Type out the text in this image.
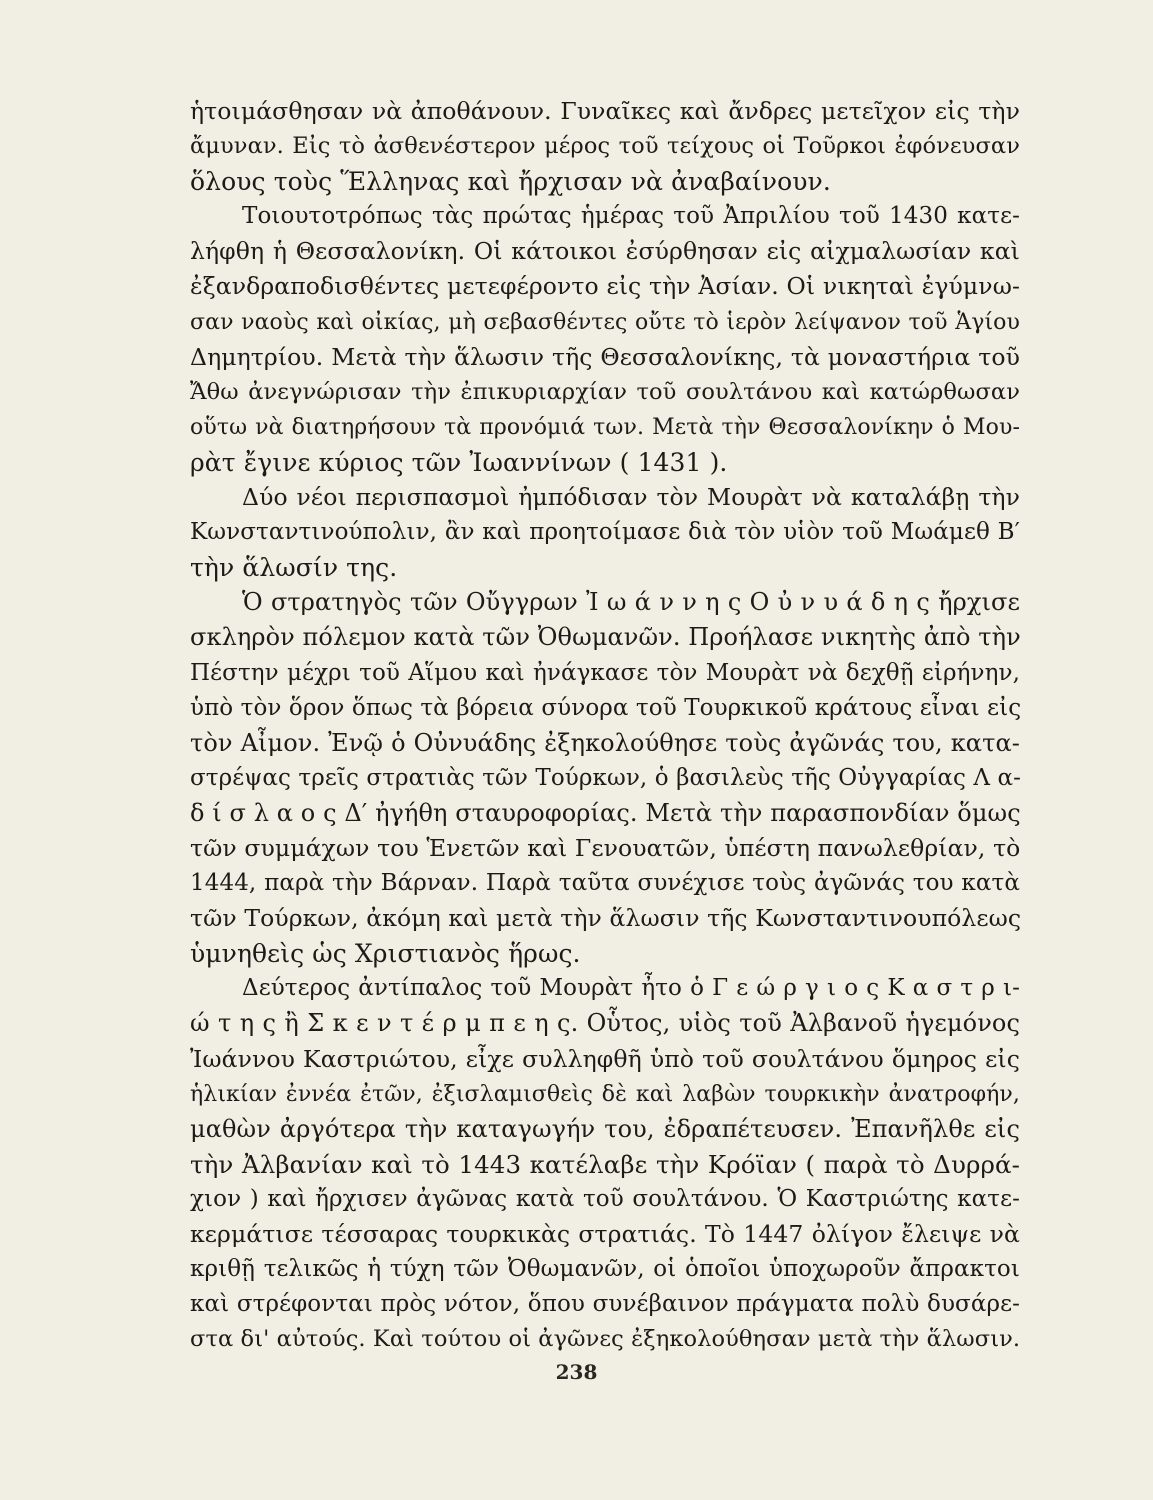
ἡτοιμάσθησαν νὰ ἀποθάνουν. Γυναῖκες καὶ ἄνδρες μετεῖχον εἰς τὴν
ἄμυναν. Εἰς τὸ ἀσθενέστερον μέρος τοῦ τείχους οἱ Τοῦρκοι ἐφόνευσαν
ὅλους τοὺς Ἕλληνας καὶ ἤρχισαν νὰ ἀναβαίνουν.
Τοιουτοτρόπως τὰς πρώτας ἡμέρας τοῦ Ἀπριλίου τοῦ 1430 κατε-
λήφθη ἡ Θεσσαλονίκη. Οἱ κάτοικοι ἐσύρθησαν εἰς αἰχμαλωσίαν καὶ
ἐξανδραποδισθέντες μετεφέροντο εἰς τὴν Ἀσίαν. Οἱ νικηταὶ ἐγύμνω-
σαν ναοὺς καὶ οἰκίας, μὴ σεβασθέντες οὔτε τὸ ἱερὸν λείψανον τοῦ Ἁγίου
Δημητρίου. Μετὰ τὴν ἅλωσιν τῆς Θεσσαλονίκης, τὰ μοναστήρια τοῦ
Ἄθω ἀνεγνώρισαν τὴν ἐπικυριαρχίαν τοῦ σουλτάνου καὶ κατώρθωσαν
οὕτω νὰ διατηρήσουν τὰ προνόμιά των. Μετὰ τὴν Θεσσαλονίκην ὁ Μου-
ρὰτ ἔγινε κύριος τῶν Ἰωαννίνων ( 1431 ).
Δύο νέοι περισπασμοὶ ἠμπόδισαν τὸν Μουρὰτ νὰ καταλάβῃ τὴν
Κωνσταντινούπολιν, ἂν καὶ προητοίμασε διὰ τὸν υἱὸν τοῦ Μωάμεθ Β′
τὴν ἅλωσίν της.
Ὁ στρατηγὸς τῶν Οὔγγρων Ἰ ω ά ν ν η ς Ο ὐ ν υ ά δ η ς ἤρχισε
σκληρὸν πόλεμον κατὰ τῶν Ὀθωμανῶν. Προήλασε νικητὴς ἀπὸ τὴν
Πέστην μέχρι τοῦ Αἵμου καὶ ἠνάγκασε τὸν Μουρὰτ νὰ δεχθῇ εἰρήνην,
ὑπὸ τὸν ὅρον ὅπως τὰ βόρεια σύνορα τοῦ Τουρκικοῦ κράτους εἶναι εἰς
τὸν Αἶμον. Ἐνῷ ὁ Οὐνυάδης ἐξηκολούθησε τοὺς ἀγῶνάς του, κατα-
στρέψας τρεῖς στρατιὰς τῶν Τούρκων, ὁ βασιλεὺς τῆς Οὐγγαρίας Λ α-
δ ί σ λ α ο ς Δ′ ἠγήθη σταυροφορίας. Μετὰ τὴν παρασπονδίαν ὅμως
τῶν συμμάχων του Ἑνετῶν καὶ Γενουατῶν, ὑπέστη πανωλεθρίαν, τὸ
1444, παρὰ τὴν Βάρναν. Παρὰ ταῦτα συνέχισε τοὺς ἀγῶνάς του κατὰ
τῶν Τούρκων, ἀκόμη καὶ μετὰ τὴν ἅλωσιν τῆς Κωνσταντινουπόλεως
ὑμνηθεὶς ὡς Χριστιανὸς ἥρως.
Δεύτερος ἀντίπαλος τοῦ Μουρὰτ ἦτο ὁ Γ ε ώ ρ γ ι ο ς Κ α σ τ ρ ι-
ώ τ η ς ἢ Σ κ ε ν τ έ ρ μ π ε η ς. Οὗτος, υἱὸς τοῦ Ἀλβανοῦ ἡγεμόνος
Ἰωάννου Καστριώτου, εἶχε συλληφθῆ ὑπὸ τοῦ σουλτάνου ὅμηρος εἰς
ἡλικίαν ἐννέα ἐτῶν, ἐξισλαμισθεὶς δὲ καὶ λαβὼν τουρκικὴν ἀνατροφήν,
μαθὼν ἀργότερα τὴν καταγωγήν του, ἐδραπέτευσεν. Ἐπανῆλθε εἰς
τὴν Ἀλβανίαν καὶ τὸ 1443 κατέλαβε τὴν Κρόϊαν ( παρὰ τὸ Δυρρά-
χιον ) καὶ ἤρχισεν ἀγῶνας κατὰ τοῦ σουλτάνου. Ὁ Καστριώτης κατε-
κερμάτισε τέσσαρας τουρκικὰς στρατιάς. Τὸ 1447 ὀλίγον ἔλειψε νὰ
κριθῇ τελικῶς ἡ τύχη τῶν Ὀθωμανῶν, οἱ ὁποῖοι ὑποχωροῦν ἄπρακτοι
καὶ στρέφονται πρὸς νότον, ὅπου συνέβαινον πράγματα πολὺ δυσάρε-
στα δι' αὐτούς. Καὶ τούτου οἱ ἀγῶνες ἐξηκολούθησαν μετὰ τὴν ἅλωσιν.
238
